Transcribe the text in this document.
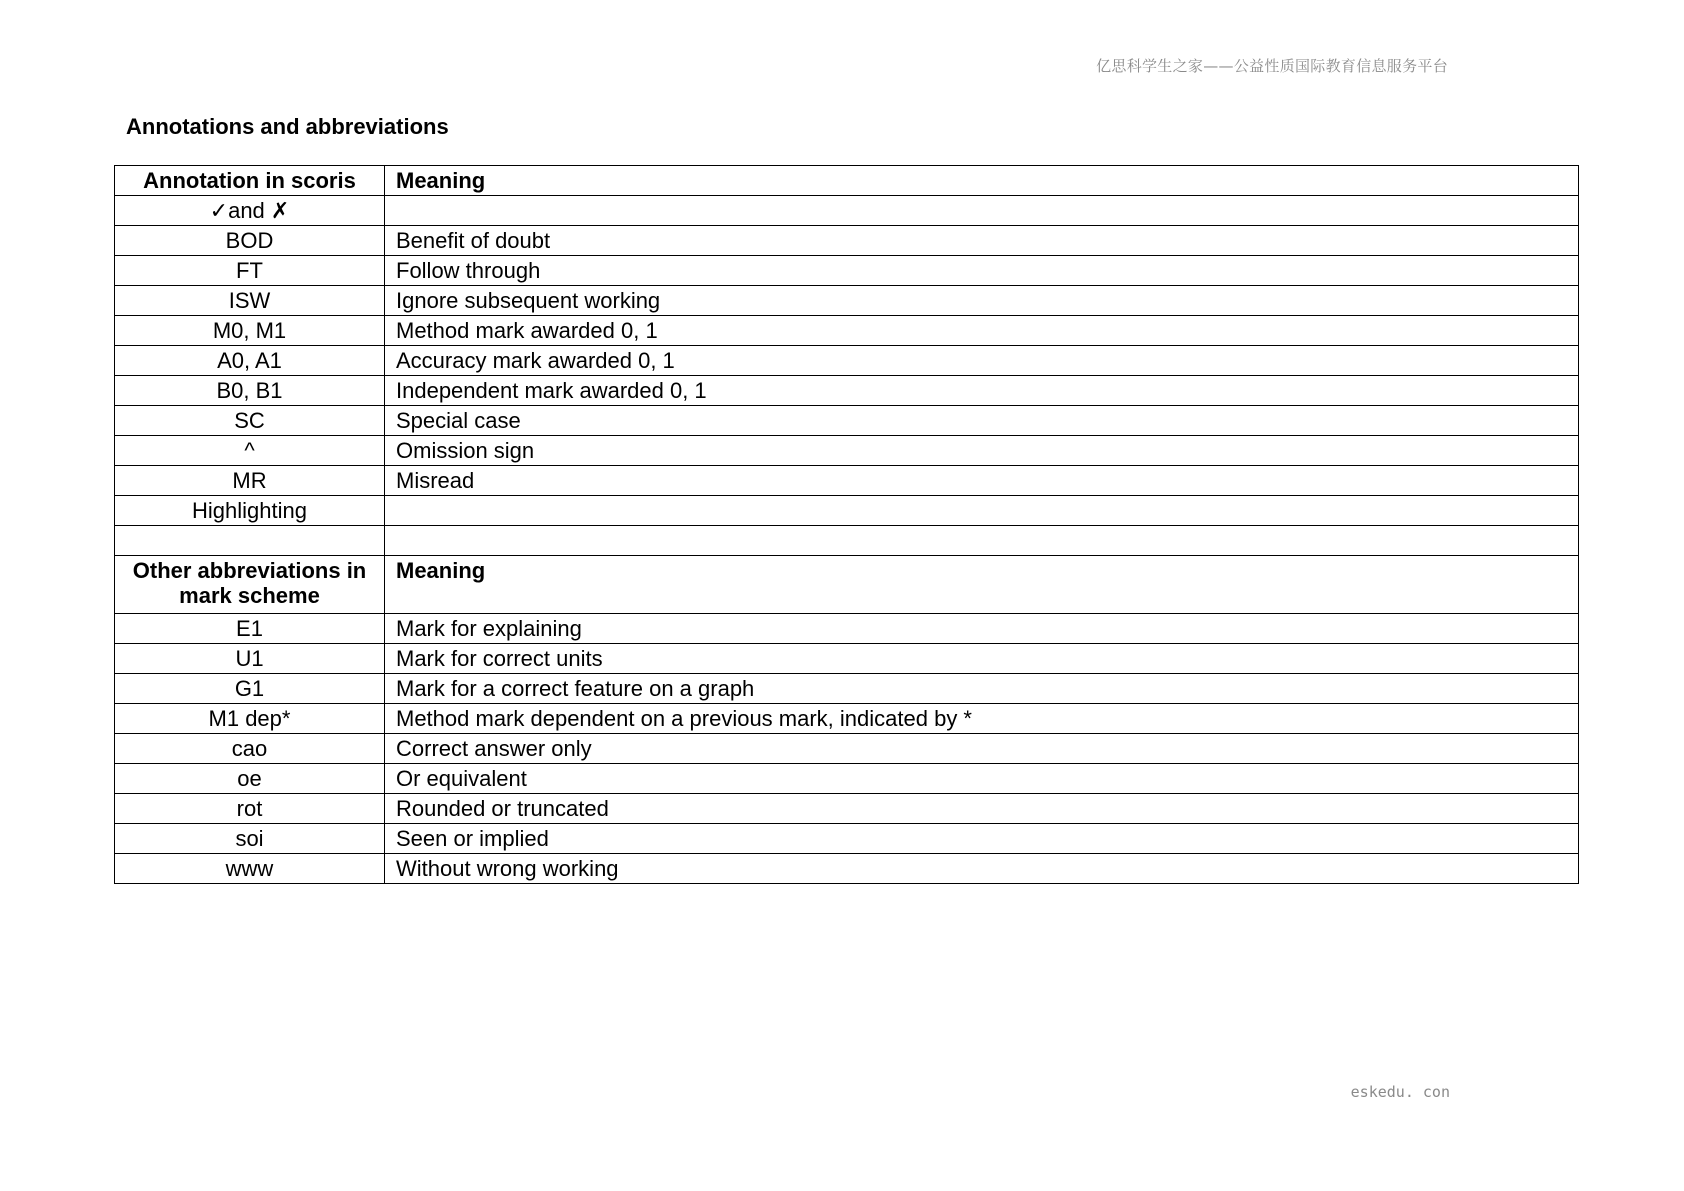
亿思科学生之家——公益性质国际教育信息服务平台
Annotations and abbreviations
Annotation in scoris	Meaning
✓and ✗	
BOD	Benefit of doubt
FT	Follow through
ISW	Ignore subsequent working
M0, M1	Method mark awarded 0, 1
A0, A1	Accuracy mark awarded 0, 1
B0, B1	Independent mark awarded 0, 1
SC	Special case
^	Omission sign
MR	Misread
Highlighting	

Other abbreviations in
mark scheme	Meaning
E1	Mark for explaining
U1	Mark for correct units
G1	Mark for a correct feature on a graph
M1 dep*	Method mark dependent on a previous mark, indicated by *
cao	Correct answer only
oe	Or equivalent
rot	Rounded or truncated
soi	Seen or implied
www	Without wrong working
eskedu. con
